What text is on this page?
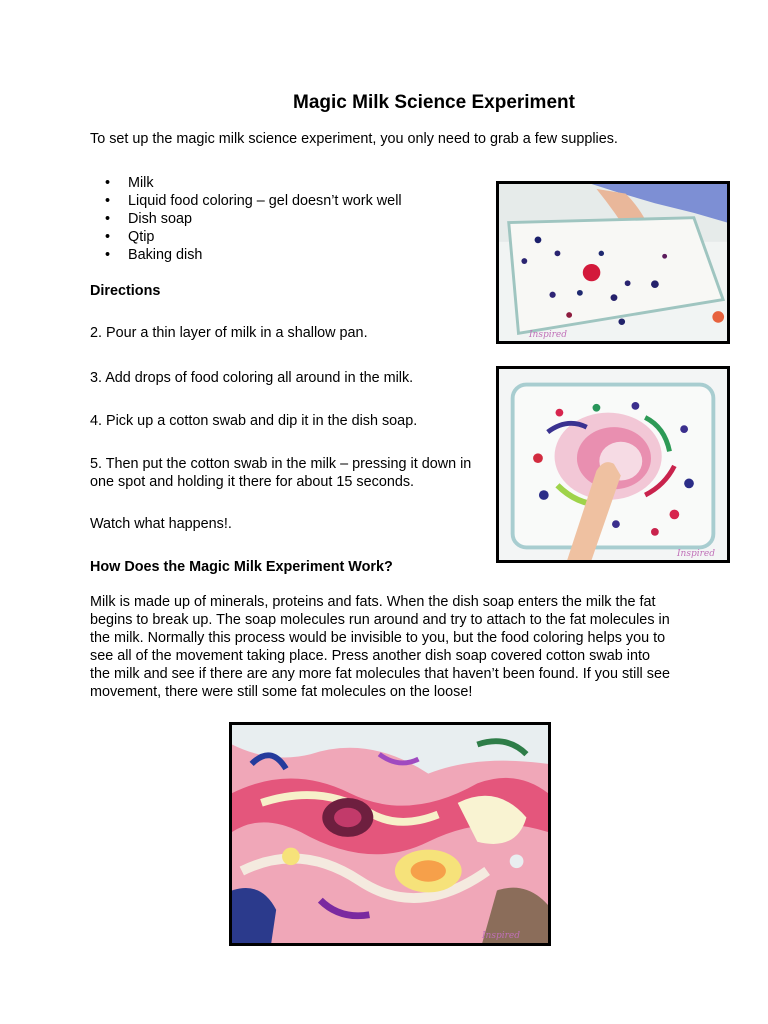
Magic Milk Science Experiment
To set up the magic milk science experiment, you only need to grab a few supplies.
• Milk
• Liquid food coloring – gel doesn’t work well
• Dish soap
• Qtip
• Baking dish
Directions
2. Pour a thin layer of milk in a shallow pan.
3. Add drops of food coloring all around in the milk.
4. Pick up a cotton swab and dip it in the dish soap.
5. Then put the cotton swab in the milk – pressing it down in one spot and holding it there for about 15 seconds.
Watch what happens!.
How Does the Magic Milk Experiment Work?
Milk is made up of minerals, proteins and fats. When the dish soap enters the milk the fat begins to break up. The soap molecules run around and try to attach to the fat molecules in the milk. Normally this process would be invisible to you, but the food coloring helps you to see all of the movement taking place. Press another dish soap covered cotton swab into the milk and see if there are any more fat molecules that haven’t been found. If you still see movement, there were still some fat molecules on the loose!
Inspired
Inspired
Inspired
